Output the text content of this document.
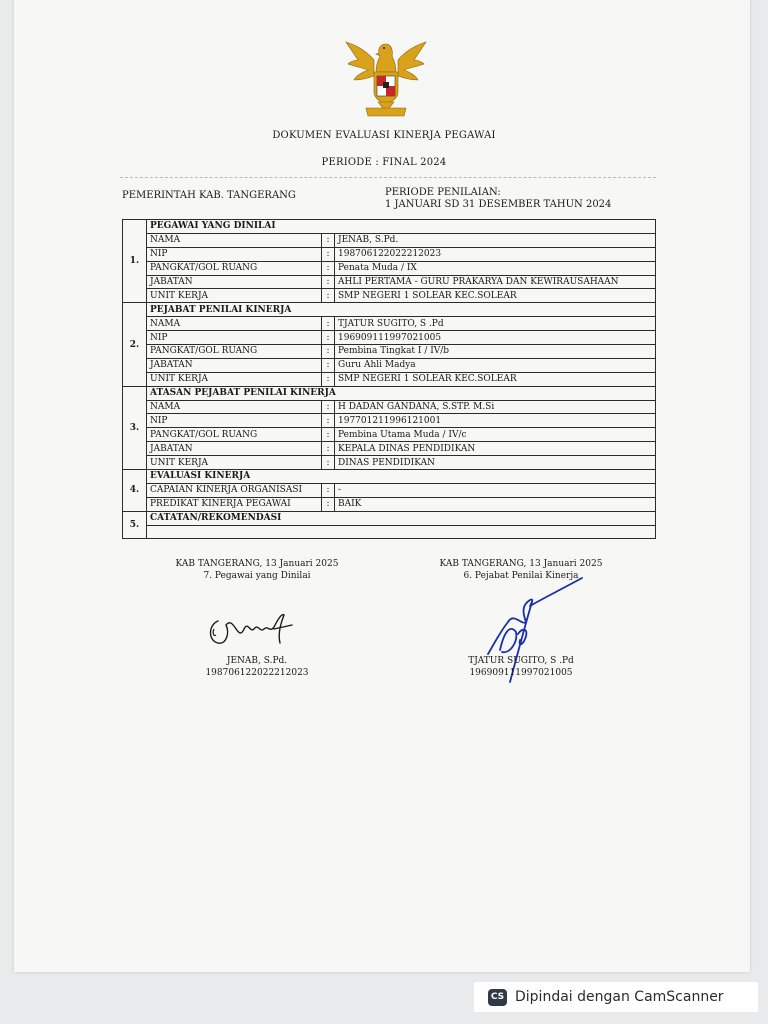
DOKUMEN EVALUASI KINERJA PEGAWAI
PERIODE : FINAL 2024
PEMERINTAH KAB. TANGERANG	PERIODE PENILAIAN:
1 JANUARI SD 31 DESEMBER TAHUN 2024
1.	PEGAWAI YANG DINILAI		
	NAMA	:	JENAB, S.Pd.
	NIP	:	198706122022212023
	PANGKAT/GOL RUANG	:	Penata Muda / IX
	JABATAN	:	AHLI PERTAMA - GURU PRAKARYA DAN KEWIRAUSAHAAN
	UNIT KERJA	:	SMP NEGERI 1 SOLEAR KEC.SOLEAR
2.	PEJABAT PENILAI KINERJA		
	NAMA	:	TJATUR SUGITO, S .Pd
	NIP	:	196909111997021005
	PANGKAT/GOL RUANG	:	Pembina Tingkat I / IV/b
	JABATAN	:	Guru Ahli Madya
	UNIT KERJA	:	SMP NEGERI 1 SOLEAR KEC.SOLEAR
3.	ATASAN PEJABAT PENILAI KINERJA		
	NAMA	:	H DADAN GANDANA, S.STP. M.Si
	NIP	:	197701211996121001
	PANGKAT/GOL RUANG	:	Pembina Utama Muda / IV/c
	JABATAN	:	KEPALA DINAS PENDIDIKAN
	UNIT KERJA	:	DINAS PENDIDIKAN
4.	EVALUASI KINERJA		
	CAPAIAN KINERJA ORGANISASI	:	-
	PREDIKAT KINERJA PEGAWAI	:	BAIK
5.	CATATAN/REKOMENDASI		

KAB TANGERANG, 13 Januari 2025
7. Pegawai yang Dinilai
JENAB, S.Pd.
198706122022212023
KAB TANGERANG, 13 Januari 2025
6. Pejabat Penilai Kinerja
TJATUR SUGITO, S .Pd
196909111997021005
CS Dipindai dengan CamScanner
